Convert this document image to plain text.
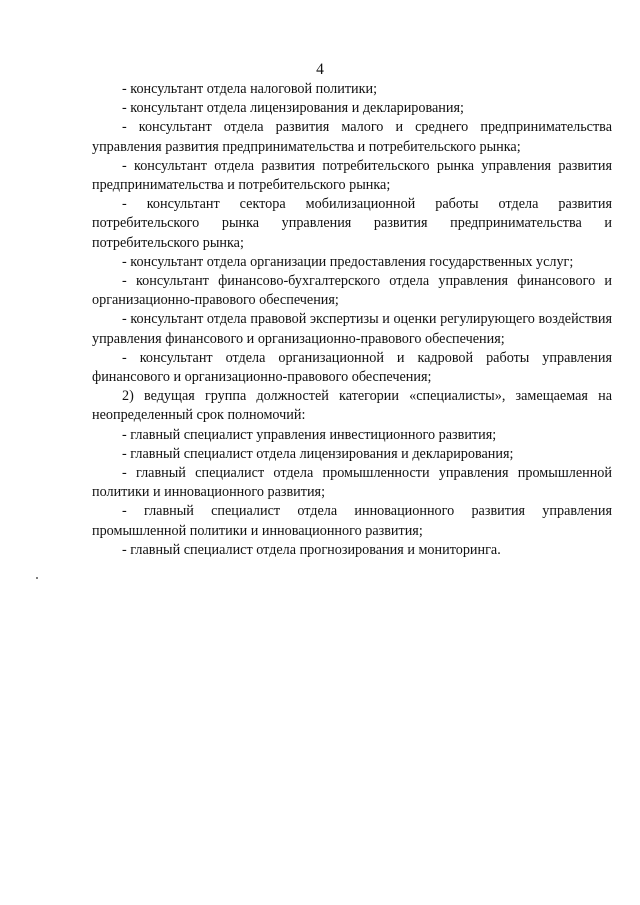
4

- консультант отдела налоговой политики;

- консультант отдела лицензирования и декларирования;

- консультант отдела развития малого и среднего предпринимательства управления развития предпринимательства и потребительского рынка;

- консультант отдела развития потребительского рынка управления развития предпринимательства и потребительского рынка;

- консультант сектора мобилизационной работы отдела развития потребительского рынка управления развития предпринимательства и потребительского рынка;

- консультант отдела организации предоставления государственных услуг;

- консультант финансово-бухгалтерского отдела управления финансового и организационно-правового обеспечения;

- консультант отдела правовой экспертизы и оценки регулирующего воздействия управления финансового и организационно-правового обеспечения;

- консультант отдела организационной и кадровой работы управления финансового и организационно-правового обеспечения;

2) ведущая группа должностей категории «специалисты», замещаемая на неопределенный срок полномочий:

- главный специалист управления инвестиционного развития;

- главный специалист отдела лицензирования и декларирования;

- главный специалист отдела промышленности управления промышленной политики и инновационного развития;

- главный специалист отдела инновационного развития управления промышленной политики и инновационного развития;

- главный специалист отдела прогнозирования и мониторинга.
